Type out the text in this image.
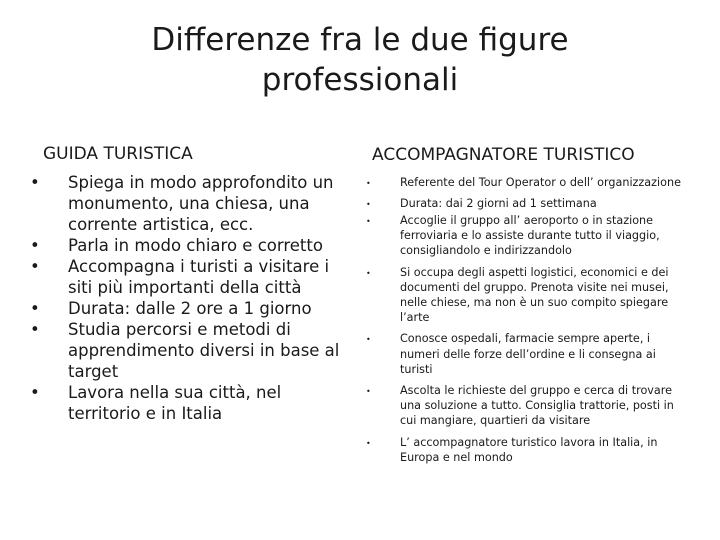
Differenze fra le due figure
professionali
GUIDA TURISTICA	ACCOMPAGNATORE TURISTICO
•	Spiega in modo approfondito un monumento, una chiesa, una corrente artistica, ecc.
•	Parla in modo chiaro e corretto
•	Accompagna i turisti a visitare i siti più importanti della città
•	Durata: dalle 2 ore a 1 giorno
•	Studia percorsi e metodi di apprendimento diversi in base al target
•	Lavora nella sua città, nel territorio e in Italia
•	Referente del Tour Operator o dell’ organizzazione
•	Durata: dai 2 giorni ad 1 settimana
•	Accoglie il gruppo all’ aeroporto o in stazione ferroviaria e lo assiste durante tutto il viaggio, consigliandolo e indirizzandolo
•	Si occupa degli aspetti logistici, economici e dei documenti del gruppo. Prenota visite nei musei, nelle chiese, ma non è un suo compito spiegare l’arte
•	Conosce ospedali, farmacie sempre aperte, i numeri delle forze dell’ordine e li consegna ai turisti
•	Ascolta le richieste del gruppo e cerca di trovare una soluzione a tutto. Consiglia trattorie, posti in cui mangiare, quartieri da visitare
•	L’ accompagnatore turistico lavora in Italia, in Europa e nel mondo
